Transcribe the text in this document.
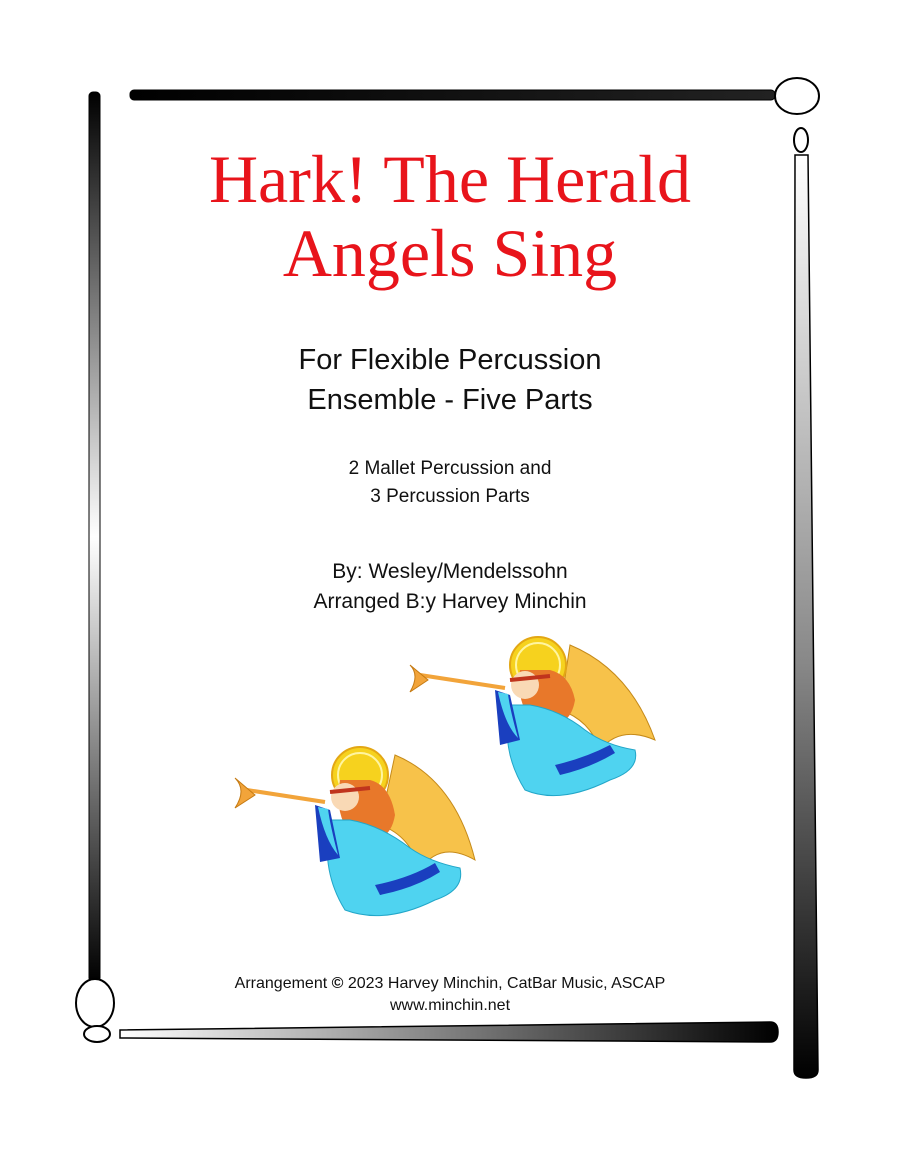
Hark! The Herald
Angels Sing
For Flexible Percussion
Ensemble - Five Parts
2 Mallet Percussion and
3 Percussion Parts
By: Wesley/Mendelssohn
Arranged B:y Harvey Minchin
Arrangement © 2023 Harvey Minchin, CatBar Music, ASCAP
www.minchin.net
